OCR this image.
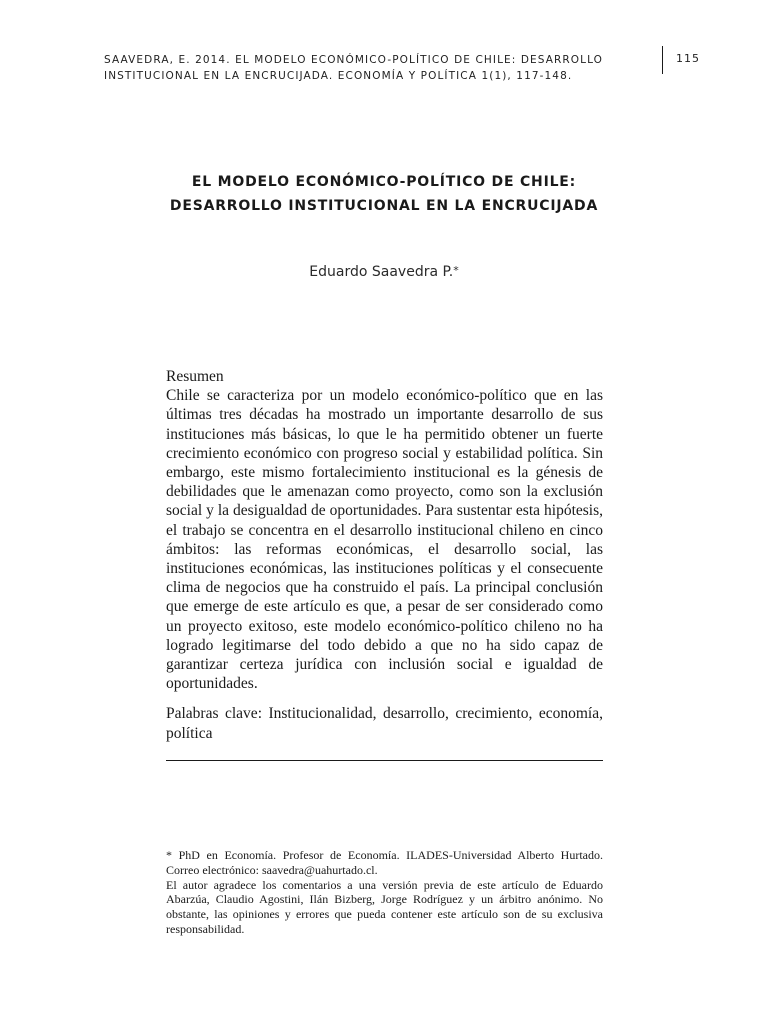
SAAVEDRA, E. 2014. EL MODELO ECONÓMICO-POLÍTICO DE CHILE: DESARROLLO
INSTITUCIONAL EN LA ENCRUCIJADA. ECONOMÍA Y POLÍTICA 1(1), 117-148.
115
EL MODELO ECONÓMICO-POLÍTICO DE CHILE:
DESARROLLO INSTITUCIONAL EN LA ENCRUCIJADA
Eduardo Saavedra P.*
Resumen

Chile se caracteriza por un modelo económico-político que en las últimas tres décadas ha mostrado un importante desarrollo de sus instituciones más básicas, lo que le ha permitido obtener un fuerte crecimiento económico con progreso social y estabilidad política. Sin embargo, este mismo fortalecimiento institucional es la génesis de debilidades que le amenazan como proyecto, como son la exclusión social y la desigualdad de oportunidades. Para sustentar esta hipótesis, el trabajo se concentra en el desarrollo institucional chileno en cinco ámbitos: las reformas económicas, el desarrollo social, las instituciones económicas, las instituciones políticas y el consecuente clima de negocios que ha construido el país. La principal conclusión que emerge de este artículo es que, a pesar de ser considerado como un proyecto exitoso, este modelo económico-político chileno no ha logrado legitimarse del todo debido a que no ha sido capaz de garantizar certeza jurídica con inclusión social e igualdad de oportunidades.

Palabras clave: Institucionalidad, desarrollo, crecimiento, economía, política

* PhD en Economía. Profesor de Economía. ILADES-Universidad Alberto Hurtado. Correo electrónico: saavedra@uahurtado.cl.

El autor agradece los comentarios a una versión previa de este artículo de Eduardo Abarzúa, Claudio Agostini, Ilán Bizberg, Jorge Rodríguez y un árbitro anónimo. No obstante, las opiniones y errores que pueda contener este artículo son de su exclusiva responsabilidad.
